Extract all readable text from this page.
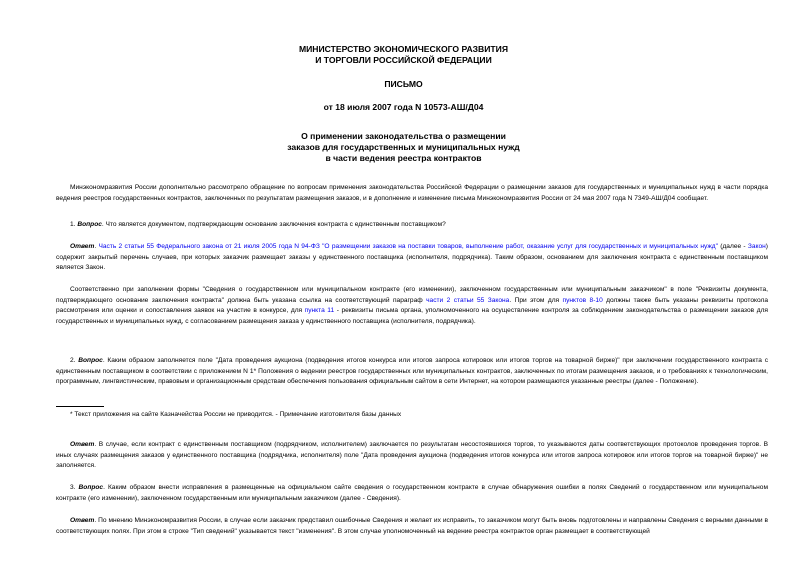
МИНИСТЕРСТВО ЭКОНОМИЧЕСКОГО РАЗВИТИЯ
И ТОРГОВЛИ РОССИЙСКОЙ ФЕДЕРАЦИИ
ПИСЬМО
от 18 июля 2007 года N 10573-АШ/Д04
О применении законодательства о размещении
заказов для государственных и муниципальных нужд
в части ведения реестра контрактов
Минэкономразвития России дополнительно рассмотрело обращение по вопросам применения законодательства Российской Федерации о размещении заказов для государственных и муниципальных нужд в части порядка ведения реестров государственных контрактов, заключенных по результатам размещения заказов, и в дополнение и изменение письма Минэкономразвития России от 24 мая 2007 года N 7349-АШ/Д04 сообщает.
1. Вопрос. Что является документом, подтверждающим основание заключения контракта с единственным поставщиком?
Ответ. Часть 2 статьи 55 Федерального закона от 21 июля 2005 года N 94-ФЗ "О размещении заказов на поставки товаров, выполнение работ, оказание услуг для государственных и муниципальных нужд" (далее - Закон) содержит закрытый перечень случаев, при которых заказчик размещает заказы у единственного поставщика (исполнителя, подрядчика). Таким образом, основанием для заключения контракта с единственным поставщиком является Закон.
Соответственно при заполнении формы "Сведения о государственном или муниципальном контракте (его изменении), заключенном государственным или муниципальным заказчиком" в поле "Реквизиты документа, подтверждающего основание заключения контракта" должна быть указана ссылка на соответствующий параграф части 2 статьи 55 Закона. При этом для пунктов 8-10 должны также быть указаны реквизиты протокола рассмотрения или оценки и сопоставления заявок на участие в конкурсе, для пункта 11 - реквизиты письма органа, уполномоченного на осуществление контроля за соблюдением законодательства о размещении заказов для государственных и муниципальных нужд, с согласованием размещения заказа у единственного поставщика (исполнителя, подрядчика).
2. Вопрос. Каким образом заполняется поле "Дата проведения аукциона (подведения итогов конкурса или итогов запроса котировок или итогов торгов на товарной бирже)" при заключении государственного контракта с единственным поставщиком в соответствии с приложением N 1* Положения о ведении реестров государственных или муниципальных контрактов, заключенных по итогам размещения заказов, и о требованиях к технологическим, программным, лингвистическим, правовым и организационным средствам обеспечения пользования официальным сайтом в сети Интернет, на котором размещаются указанные реестры (далее - Положение).
* Текст приложения на сайте Казначейства России не приводится. - Примечание изготовителя базы данных
Ответ. В случае, если контракт с единственным поставщиком (подрядчиком, исполнителем) заключается по результатам несостоявшихся торгов, то указываются даты соответствующих протоколов проведения торгов. В иных случаях размещения заказов у единственного поставщика (подрядчика, исполнителя) поле "Дата проведения аукциона (подведения итогов конкурса или итогов запроса котировок или итогов торгов на товарной бирже)" не заполняется.
3. Вопрос. Каким образом внести исправления в размещенные на официальном сайте сведения о государственном контракте в случае обнаружения ошибки в полях Сведений о государственном или муниципальном контракте (его изменении), заключенном государственным или муниципальным заказчиком (далее - Сведения).
Ответ. По мнению Минэкономразвития России, в случае если заказчик представил ошибочные Сведения и желает их исправить, то заказчиком могут быть вновь подготовлены и направлены Сведения с верными данными в соответствующих полях. При этом в строке "Тип сведений" указывается текст "изменения". В этом случае уполномоченный на ведение реестра контрактов орган размещает в соответствующей
